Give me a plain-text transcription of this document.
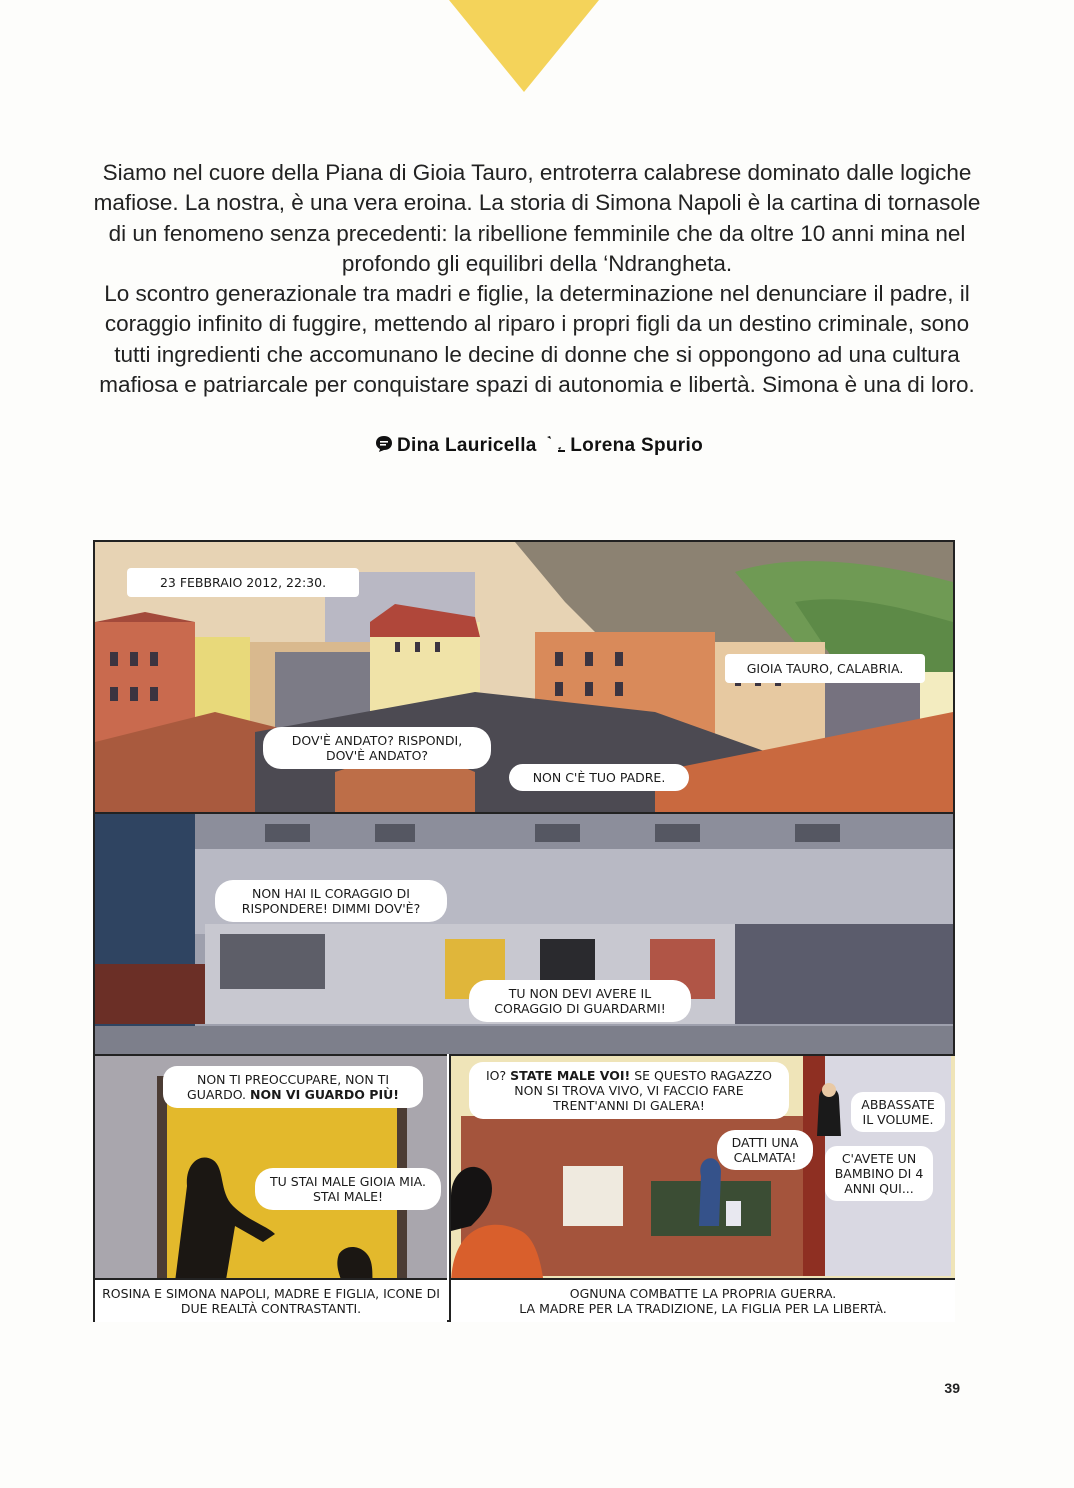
Siamo nel cuore della Piana di Gioia Tauro, entroterra calabrese dominato dalle logiche mafiose. La nostra, è una vera eroina. La storia di Simona Napoli è la cartina di tornasole di un fenomeno senza precedenti: la ribellione femminile che da oltre 10 anni mina nel profondo gli equilibri della ‘Ndrangheta.

Lo scontro generazionale tra madri e figlie, la determinazione nel denunciare il padre, il coraggio infinito di fuggire, mettendo al riparo i propri figli da un destino criminale, sono tutti ingredienti che accomunano le decine di donne che si oppongono ad una cultura mafiosa e patriarcale per conquistare spazi di autonomia e libertà. Simona è una di loro.

Dina Lauricella Lorena Spurio
23 FEBBRAIO 2012, 22:30.
GIOIA TAURO, CALABRIA.
DOV'È ANDATO? RISPONDI, DOV'È ANDATO?
NON C'È TUO PADRE.
NON HAI IL CORAGGIO DI RISPONDERE! DIMMI DOV'È?
TU NON DEVI AVERE IL CORAGGIO DI GUARDARMI!
NON TI PREOCCUPARE, NON TI GUARDO. NON VI GUARDO PIÙ!
TU STAI MALE GIOIA MIA. STAI MALE!
ROSINA E SIMONA NAPOLI, MADRE E FIGLIA, ICONE DI DUE REALTÀ CONTRASTANTI.
IO? STATE MALE VOI! SE QUESTO RAGAZZO NON SI TROVA VIVO, VI FACCIO FARE TRENT'ANNI DI GALERA!
DATTI UNA CALMATA!
ABBASSATE IL VOLUME.
C'AVETE UN BAMBINO DI 4 ANNI QUI...
OGNUNA COMBATTE LA PROPRIA GUERRA.
LA MADRE PER LA TRADIZIONE, LA FIGLIA PER LA LIBERTÀ.
39
